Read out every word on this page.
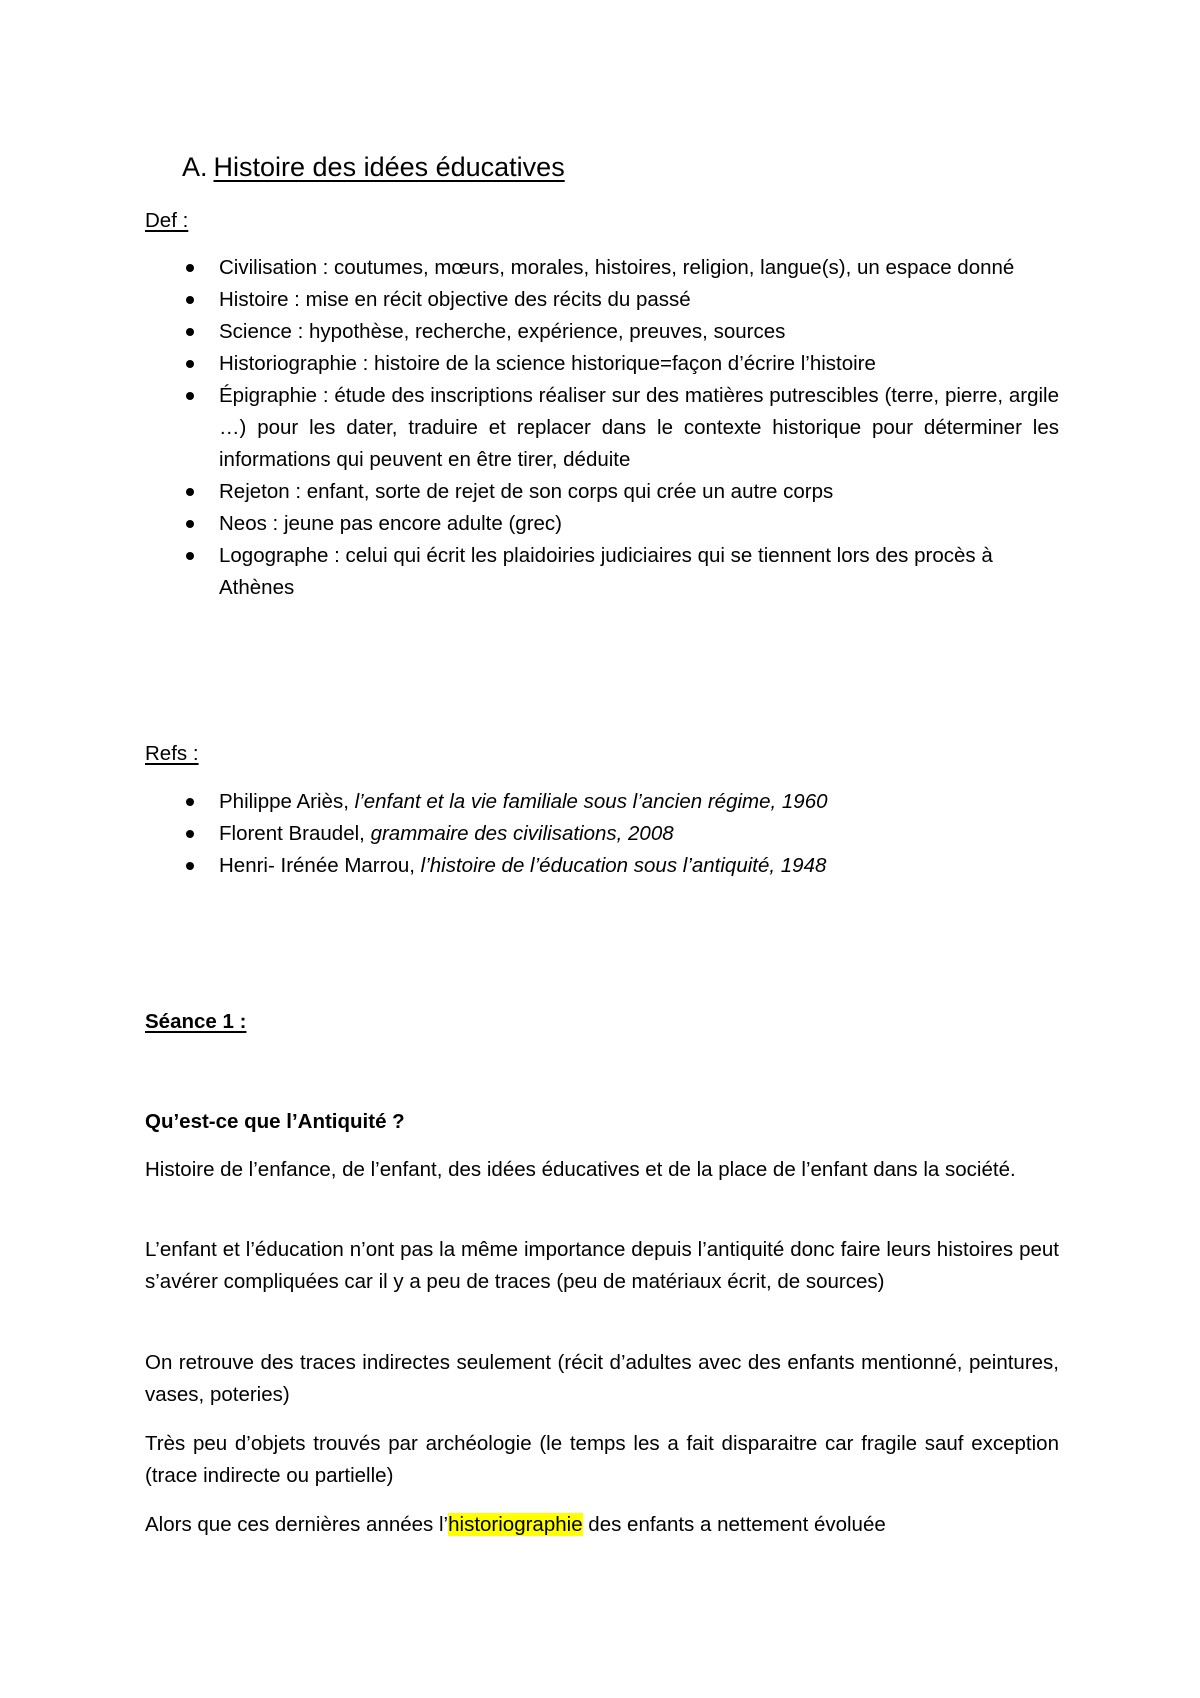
A. Histoire des idées éducatives
Def :
Civilisation : coutumes, mœurs, morales, histoires, religion, langue(s), un espace donné
Histoire : mise en récit objective des récits du passé
Science : hypothèse, recherche, expérience, preuves, sources
Historiographie : histoire de la science historique=façon d’écrire l’histoire
Épigraphie : étude des inscriptions réaliser sur des matières putrescibles (terre, pierre, argile …) pour les dater, traduire et replacer dans le contexte historique pour déterminer les informations qui peuvent en être tirer, déduite
Rejeton : enfant, sorte de rejet de son corps qui crée un autre corps
Neos : jeune pas encore adulte (grec)
Logographe : celui qui écrit les plaidoiries judiciaires qui se tiennent lors des procès à Athènes
Refs :
Philippe Ariès, l’enfant et la vie familiale sous l’ancien régime, 1960
Florent Braudel, grammaire des civilisations, 2008
Henri- Irénée Marrou, l’histoire de l’éducation sous l’antiquité, 1948
Séance 1 :

Qu’est-ce que l’Antiquité ?

Histoire de l’enfance, de l’enfant, des idées éducatives et de la place de l’enfant dans la société.

L’enfant et l’éducation n’ont pas la même importance depuis l’antiquité donc faire leurs histoires peut s’avérer compliquées car il y a peu de traces (peu de matériaux écrit, de sources)

On retrouve des traces indirectes seulement (récit d’adultes avec des enfants mentionné, peintures, vases, poteries)

Très peu d’objets trouvés par archéologie (le temps les a fait disparaitre car fragile sauf exception (trace indirecte ou partielle)

Alors que ces dernières années l’historiographie des enfants a nettement évoluée
